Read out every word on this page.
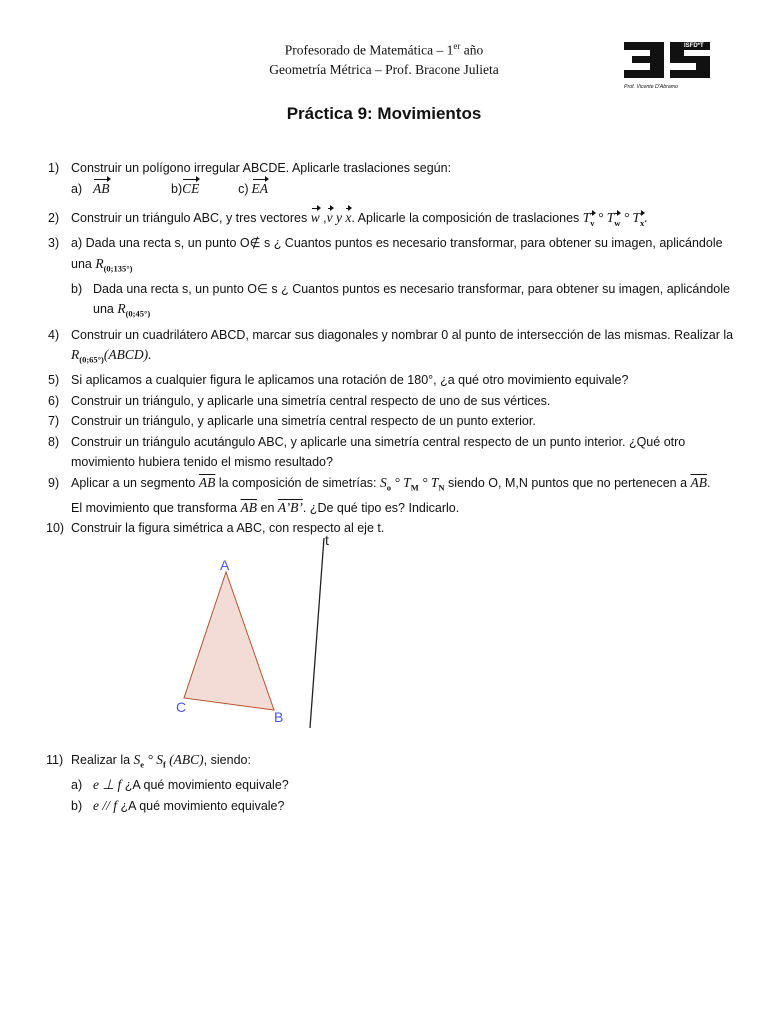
Profesorado de Matemática – 1er año
Geometría Métrica – Prof. Bracone Julieta
ISFD*T
Prof. Vicente D'Abramo
Práctica 9: Movimientos
1) Construir un polígono irregular ABCDE. Aplicarle traslaciones según:
a) AB	b)CE	c) EA
2) Construir un triángulo ABC, y tres vectores w ,v y x. Aplicarle la composición de traslaciones $T_v$ ° $T_w$ ° $T_x$.
3) a) Dada una recta s, un punto O∉ s ¿ Cuantos puntos es necesario transformar, para obtener su imagen, aplicándole
una $R_{(0;135^\circ)}$
b) Dada una recta s, un punto O∈ s ¿ Cuantos puntos es necesario transformar, para obtener su imagen, aplicándole
una $R_{(0;45^\circ)}$
4) Construir un cuadrilátero ABCD, marcar sus diagonales y nombrar 0 al punto de intersección de las mismas. Realizar la
$R_{(0;65^\circ)}(ABCD)$.
5) Si aplicamos a cualquier figura le aplicamos una rotación de 180°, ¿a qué otro movimiento equivale?
6) Construir un triángulo, y aplicarle una simetría central respecto de uno de sus vértices.
7) Construir un triángulo, y aplicarle una simetría central respecto de un punto exterior.
8) Construir un triángulo acutángulo ABC, y aplicarle una simetría central respecto de un punto interior. ¿Qué otro
movimiento hubiera tenido el mismo resultado?
9) Aplicar a un segmento $\overline{AB}$ la composición de simetrías: $S_o$ ° $T_M$ ° $T_N$ siendo O, M,N puntos que no pertenecen a $\overline{AB}$.
El movimiento que transforma $\overline{AB}$ en A’B’. ¿De qué tipo es? Indicarlo.
10) Construir la figura simétrica a ABC, con respecto al eje t.
A
B
C
t
11) Realizar la $S_e$ ° $S_f$ (ABC), siendo:
a) e ⊥ f ¿A qué movimiento equivale?
b) e // f ¿A qué movimiento equivale?
